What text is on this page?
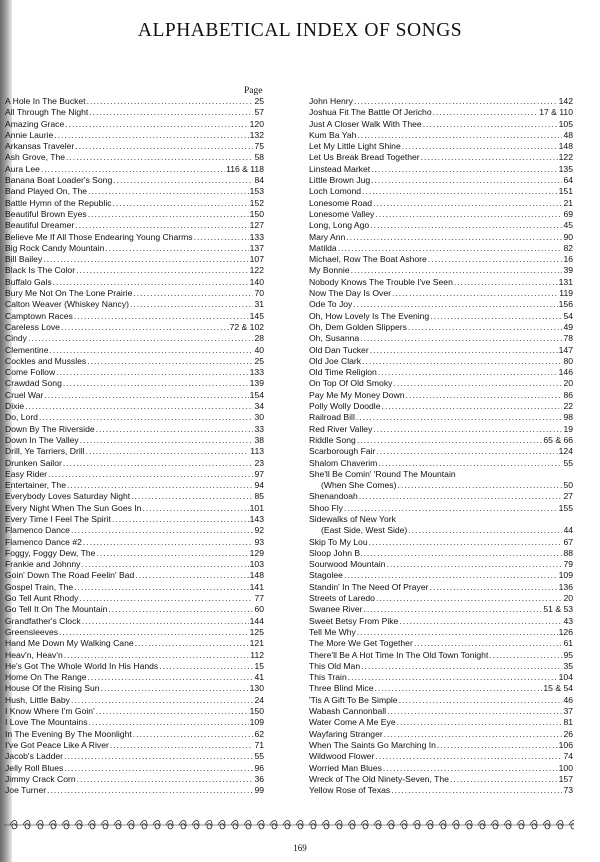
ALPHABETICAL INDEX OF SONGS
Page
A Hole In The Bucket .....	25
All Through The Night .....	57
Amazing Grace .....	120
Annie Laurie .....	132
Arkansas Traveler .....	75
Ash Grove, The .....	58
Aura Lee .....	116 & 118
Banana Boat Loader's Song .....	84
Band Played On, The .....	153
Battle Hymn of the Republic .....	152
Beautiful Brown Eyes .....	150
Beautiful Dreamer .....	127
Believe Me If All Those Endearing Young Charms .....	133
Big Rock Candy Mountain .....	137
Bill Bailey .....	107
Black Is The Color .....	122
Buffalo Gals .....	140
Bury Me Not On The Lone Prairie .....	70
Calton Weaver (Whiskey Nancy) .....	31
Camptown Races .....	145
Careless Love .....	72 & 102
Cindy .....	28
Clementine .....	40
Cockles and Mussles .....	25
Come Follow .....	133
Crawdad Song .....	139
Cruel War .....	154
Dixie .....	34
Do, Lord .....	30
Down By The Riverside .....	33
Down In The Valley .....	38
Drill, Ye Tarriers, Drill .....	113
Drunken Sailor .....	23
Easy Rider .....	97
Entertainer, The .....	94
Everybody Loves Saturday Night .....	85
Every Night When The Sun Goes In .....	101
Every Time I Feel The Spirit .....	143
Flamenco Dance .....	92
Flamenco Dance #2 .....	93
Foggy, Foggy Dew, The .....	129
Frankie and Johnny .....	103
Goin' Down The Road Feelin' Bad .....	148
Gospel Train, The .....	141
Go Tell Aunt Rhody .....	77
Go Tell It On The Mountain .....	60
Grandfather's Clock .....	144
Greensleeves .....	125
Hand Me Down My Walking Cane .....	121
Heav'n, Heav'n .....	112
He's Got The Whole World In His Hands .....	15
Home On The Range .....	41
House Of the Rising Sun .....	130
Hush, Little Baby .....	24
I Know Where I'm Goin' .....	150
I Love The Mountains .....	109
In The Evening By The Moonlight .....	62
I've Got Peace Like A River .....	71
Jacob's Ladder .....	55
Jelly Roll Blues .....	96
Jimmy Crack Corn .....	36
Joe Turner .....	99
John Henry .....	142
Joshua Fit The Battle Of Jericho .....	17 & 110
Just A Closer Walk With Thee .....	105
Kum Ba Yah .....	48
Let My Little Light Shine .....	148
Let Us Break Bread Together .....	122
Linstead Market .....	135
Little Brown Jug .....	64
Loch Lomond .....	151
Lonesome Road .....	21
Lonesome Valley .....	69
Long, Long Ago .....	45
Mary Ann .....	90
Matilda .....	82
Michael, Row The Boat Ashore .....	16
My Bonnie .....	39
Nobody Knows The Trouble I've Seen .....	131
Now The Day Is Over .....	119
Ode To Joy .....	156
Oh, How Lovely Is The Evening .....	54
Oh, Dem Golden Slippers .....	49
Oh, Susanna .....	78
Old Dan Tucker .....	147
Old Joe Clark .....	80
Old Time Religion .....	146
On Top Of Old Smoky .....	20
Pay Me My Money Down .....	86
Polly Wolly Doodle .....	22
Railroad Bill .....	98
Red River Valley .....	19
Riddle Song .....	65 & 66
Scarborough Fair .....	124
Shalom Chaverim .....	55
She'll Be Comin' 'Round The Mountain
(When She Comes) .....	50
Shenandoah .....	27
Shoo Fly .....	155
Sidewalks of New York
(East Side, West Side) .....	44
Skip To My Lou .....	67
Sloop John B. .....	88
Sourwood Mountain .....	79
Stagolee .....	109
Standin' In The Need Of Prayer .....	136
Streets of Laredo .....	20
Swanee River .....	51 & 53
Sweet Betsy From Pike .....	43
Tell Me Why .....	126
The More We Get Together .....	61
There'll Be A Hot Time In The Old Town Tonight .....	95
This Old Man .....	35
This Train .....	104
Three Blind Mice .....	15 & 54
'Tis A Gift To Be Simple .....	46
Wabash Cannonball .....	37
Water Come A Me Eye .....	81
Wayfaring Stranger .....	26
When The Saints Go Marching In .....	106
Wildwood Flower .....	74
Worried Man Blues .....	100
Wreck of The Old Ninety-Seven, The .....	157
Yellow Rose of Texas .....	73
169
